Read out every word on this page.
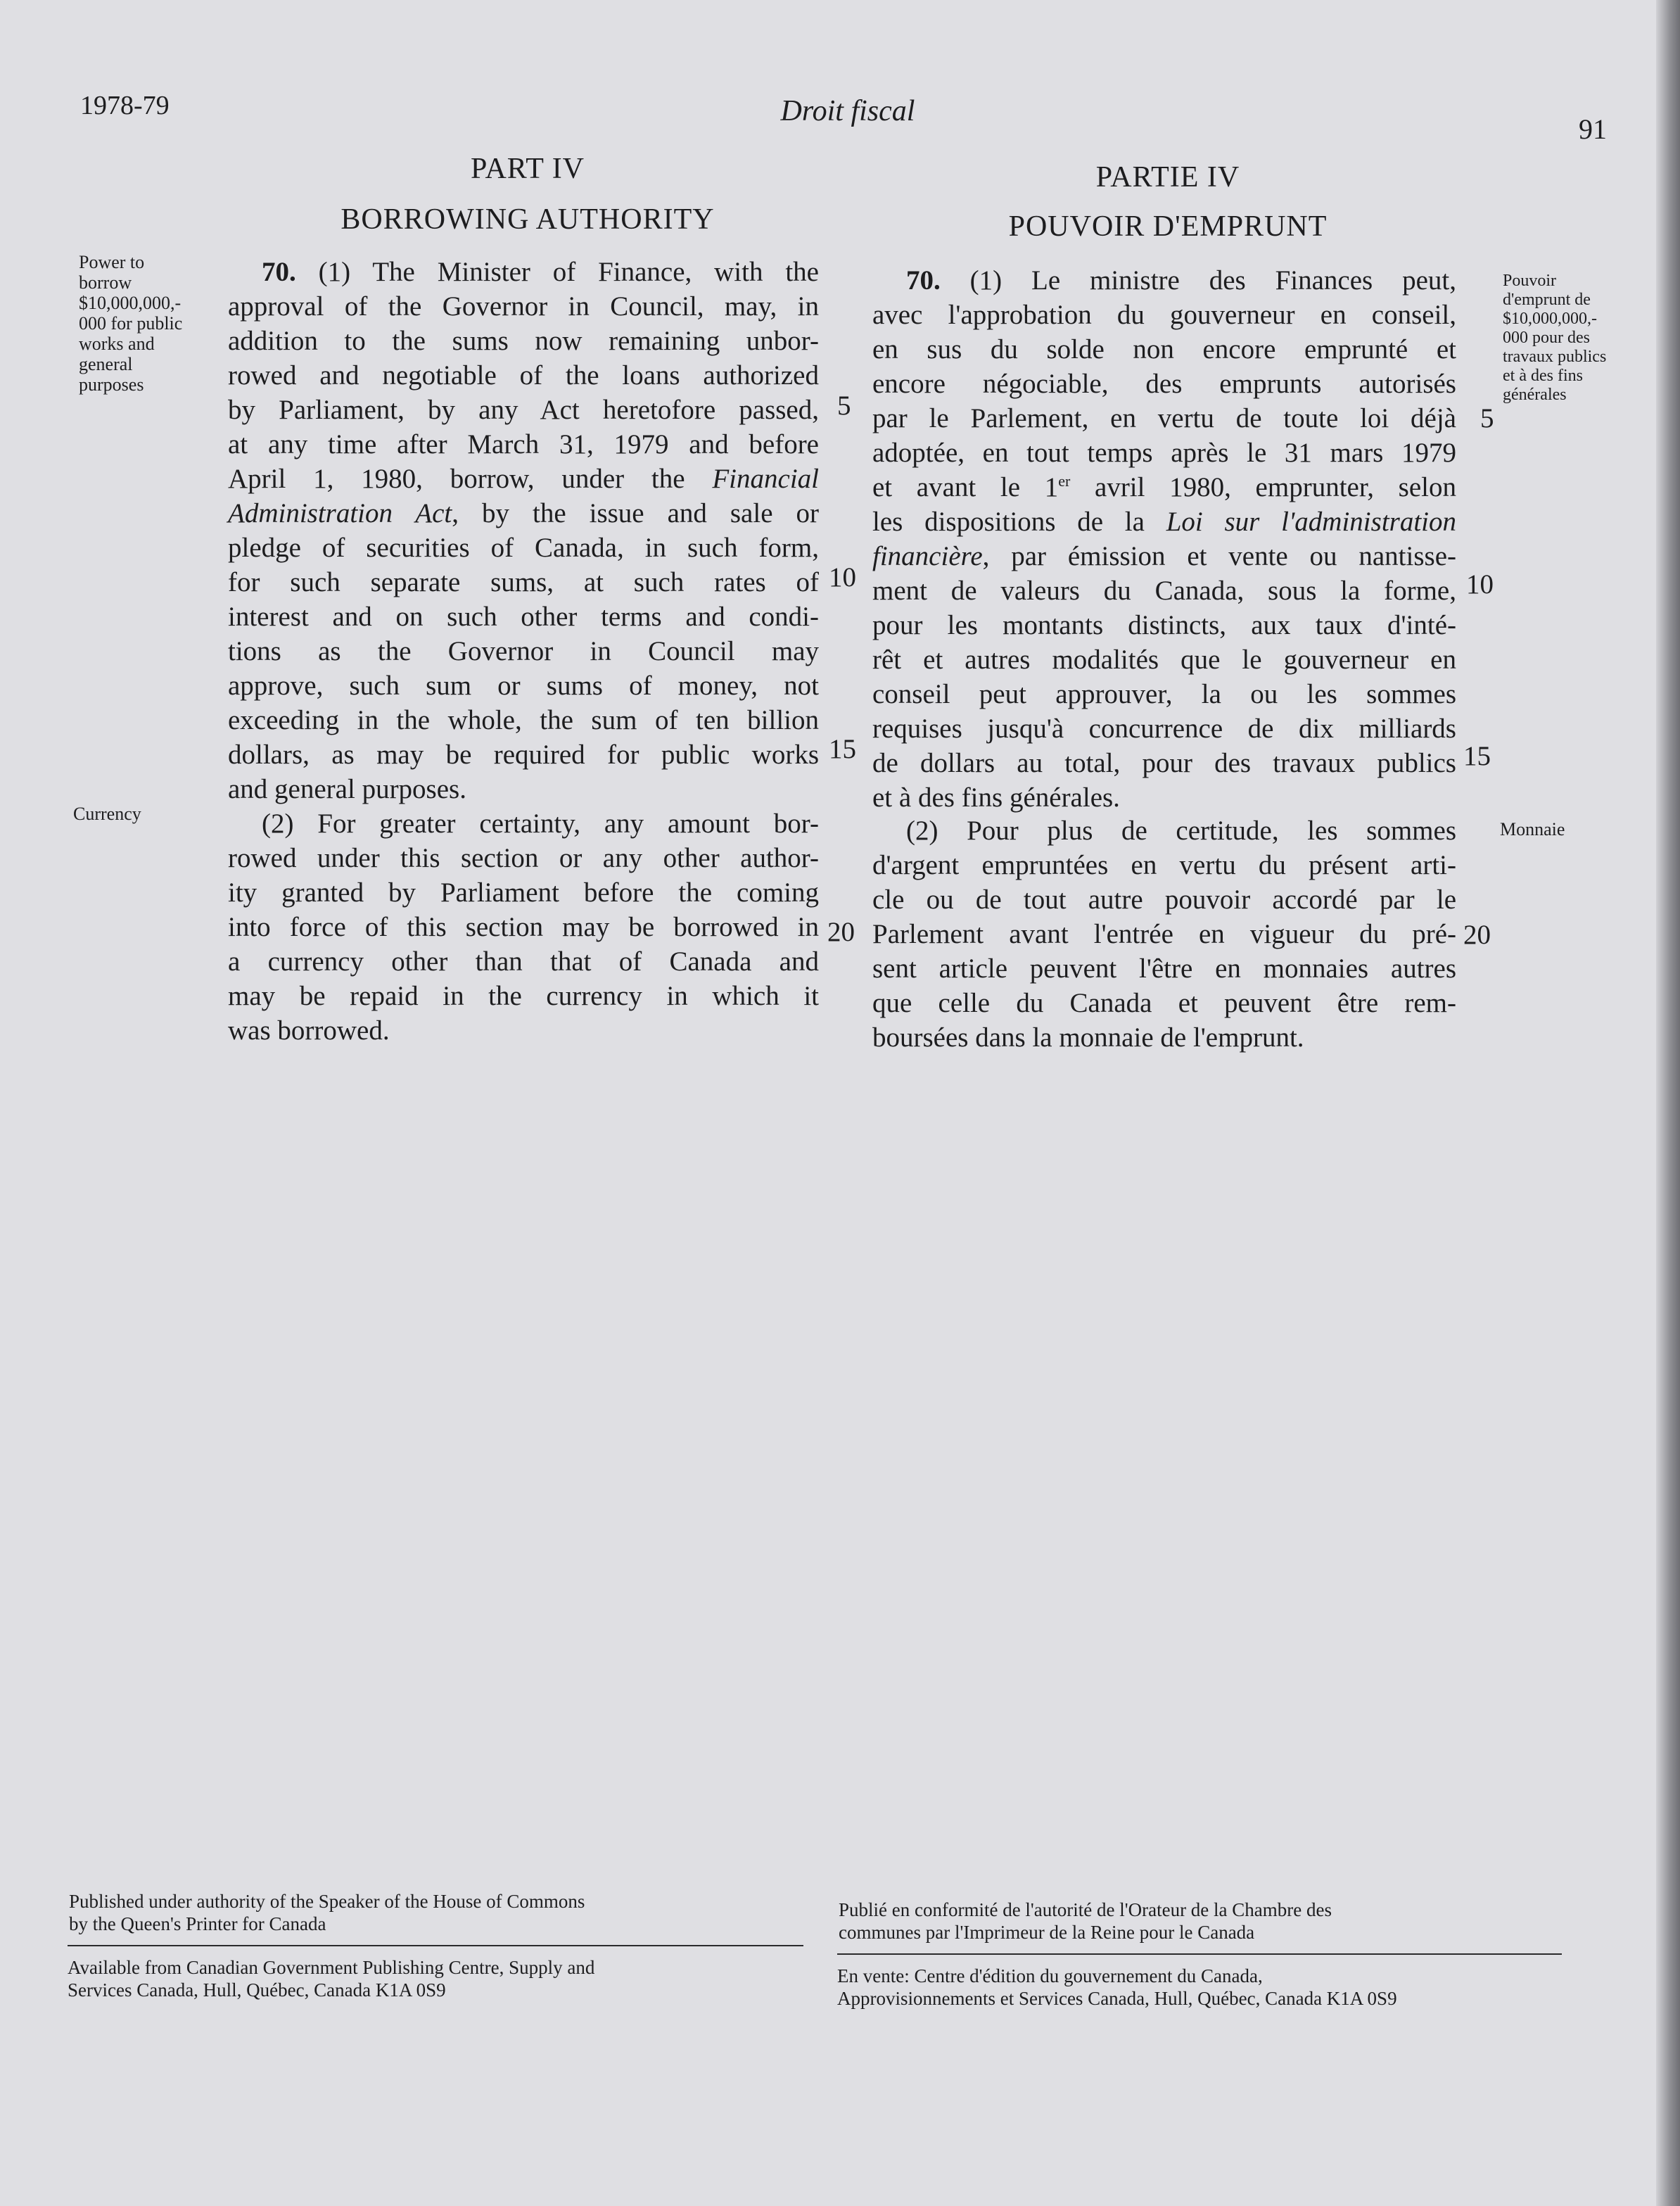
1978-79	Droit fiscal
91
PART IV
BORROWING AUTHORITY
PARTIE IV
POUVOIR D'EMPRUNT
Power to
borrow
$10,000,000,-
000 for public
works and
general
purposes
Currency
70. (1) The Minister of Finance, with the
approval of the Governor in Council, may, in
addition to the sums now remaining unbor-
rowed and negotiable of the loans authorized
by Parliament, by any Act heretofore passed,
at any time after March 31, 1979 and before
April 1, 1980, borrow, under the Financial
Administration Act, by the issue and sale or
pledge of securities of Canada, in such form,
for such separate sums, at such rates of
interest and on such other terms and condi-
tions as the Governor in Council may
approve, such sum or sums of money, not
exceeding in the whole, the sum of ten billion
dollars, as may be required for public works
and general purposes.
(2) For greater certainty, any amount bor-
rowed under this section or any other author-
ity granted by Parliament before the coming
into force of this section may be borrowed in
a currency other than that of Canada and
may be repaid in the currency in which it
was borrowed.
5
10
15
20
5
10
15
20
70. (1) Le ministre des Finances peut,
avec l'approbation du gouverneur en conseil,
en sus du solde non encore emprunté et
encore négociable, des emprunts autorisés
par le Parlement, en vertu de toute loi déjà
adoptée, en tout temps après le 31 mars 1979
et avant le 1er avril 1980, emprunter, selon
les dispositions de la Loi sur l'administration
financière, par émission et vente ou nantisse-
ment de valeurs du Canada, sous la forme,
pour les montants distincts, aux taux d'inté-
rêt et autres modalités que le gouverneur en
conseil peut approuver, la ou les sommes
requises jusqu'à concurrence de dix milliards
de dollars au total, pour des travaux publics
et à des fins générales.
(2) Pour plus de certitude, les sommes
d'argent empruntées en vertu du présent arti-
cle ou de tout autre pouvoir accordé par le
Parlement avant l'entrée en vigueur du pré-
sent article peuvent l'être en monnaies autres
que celle du Canada et peuvent être rem-
boursées dans la monnaie de l'emprunt.
Pouvoir
d'emprunt de
$10,000,000,-
000 pour des
travaux publics
et à des fins
générales
Monnaie
Published under authority of the Speaker of the House of Commons
by the Queen's Printer for Canada
Available from Canadian Government Publishing Centre, Supply and
Services Canada, Hull, Québec, Canada K1A 0S9
Publié en conformité de l'autorité de l'Orateur de la Chambre des
communes par l'Imprimeur de la Reine pour le Canada
En vente: Centre d'édition du gouvernement du Canada,
Approvisionnements et Services Canada, Hull, Québec, Canada K1A 0S9
